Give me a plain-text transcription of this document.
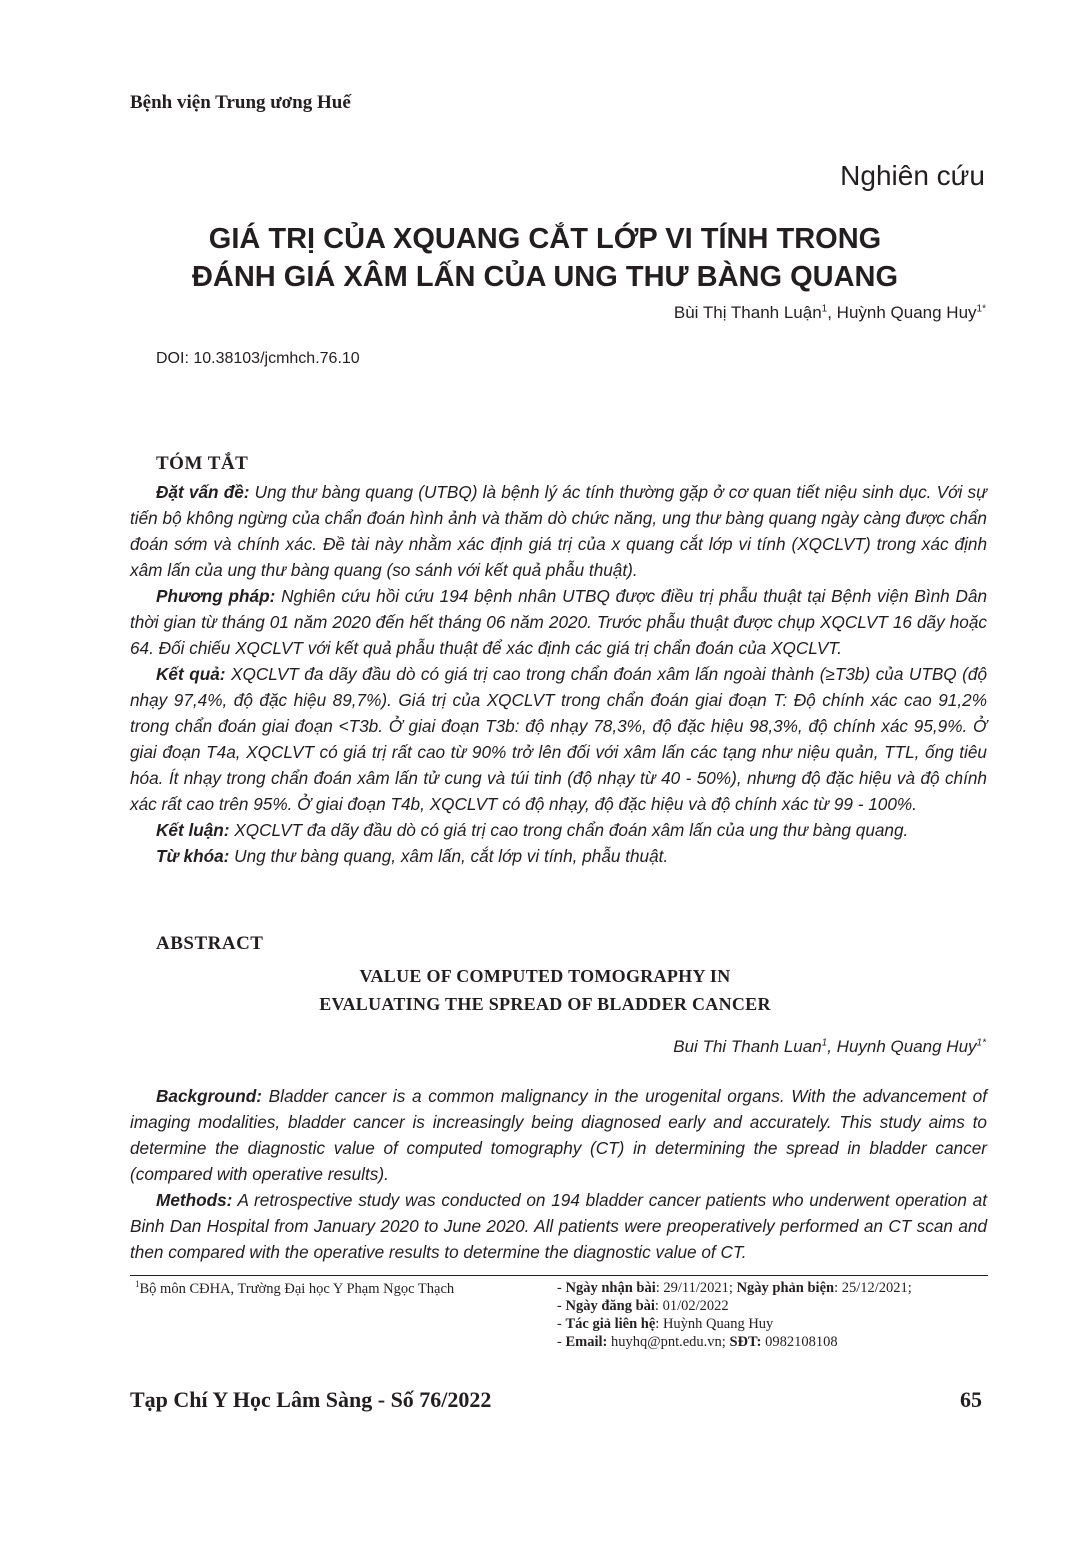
Bệnh viện Trung ương Huế
Nghiên cứu
GIÁ TRỊ CỦA XQUANG CẮT LỚP VI TÍNH TRONG
ĐÁNH GIÁ XÂM LẤN CỦA UNG THƯ BÀNG QUANG
Bùi Thị Thanh Luận$^1$, Huỳnh Quang Huy$^{1*}$
DOI: 10.38103/jcmhch.76.10
TÓM TẮT

Đặt vấn đề: Ung thư bàng quang (UTBQ) là bệnh lý ác tính thường gặp ở cơ quan tiết niệu sinh dục. Với sự tiến bộ không ngừng của chẩn đoán hình ảnh và thăm dò chức năng, ung thư bàng quang ngày càng được chẩn đoán sớm và chính xác. Đề tài này nhằm xác định giá trị của x quang cắt lớp vi tính (XQCLVT) trong xác định xâm lấn của ung thư bàng quang (so sánh với kết quả phẫu thuật).

Phương pháp: Nghiên cứu hồi cứu 194 bệnh nhân UTBQ được điều trị phẫu thuật tại Bệnh viện Bình Dân thời gian từ tháng 01 năm 2020 đến hết tháng 06 năm 2020. Trước phẫu thuật được chụp XQCLVT 16 dãy hoặc 64. Đối chiếu XQCLVT với kết quả phẫu thuật để xác định các giá trị chẩn đoán của XQCLVT.

Kết quả: XQCLVT đa dãy đầu dò có giá trị cao trong chẩn đoán xâm lấn ngoài thành (≥T3b) của UTBQ (độ nhạy 97,4%, độ đặc hiệu 89,7%). Giá trị của XQCLVT trong chẩn đoán giai đoạn T: Độ chính xác cao 91,2% trong chẩn đoán giai đoạn <T3b. Ở giai đoạn T3b: độ nhạy 78,3%, độ đặc hiệu 98,3%, độ chính xác 95,9%. Ở giai đoạn T4a, XQCLVT có giá trị rất cao từ 90% trở lên đối với xâm lấn các tạng như niệu quản, TTL, ống tiêu hóa. Ít nhạy trong chẩn đoán xâm lấn tử cung và túi tinh (độ nhạy từ 40 - 50%), nhưng độ đặc hiệu và độ chính xác rất cao trên 95%. Ở giai đoạn T4b, XQCLVT có độ nhạy, độ đặc hiệu và độ chính xác từ 99 - 100%.

Kết luận: XQCLVT đa dãy đầu dò có giá trị cao trong chẩn đoán xâm lấn của ung thư bàng quang.

Từ khóa: Ung thư bàng quang, xâm lấn, cắt lớp vi tính, phẫu thuật.

ABSTRACT
VALUE OF COMPUTED TOMOGRAPHY IN
EVALUATING THE SPREAD OF BLADDER CANCER
Bui Thi Thanh Luan$^1$, Huynh Quang Huy$^{1*}$

Background: Bladder cancer is a common malignancy in the urogenital organs. With the advancement of imaging modalities, bladder cancer is increasingly being diagnosed early and accurately. This study aims to determine the diagnostic value of computed tomography (CT) in determining the spread in bladder cancer (compared with operative results).

Methods: A retrospective study was conducted on 194 bladder cancer patients who underwent operation at Binh Dan Hospital from January 2020 to June 2020. All patients were preoperatively performed an CT scan and then compared with the operative results to determine the diagnostic value of CT.

$^1$Bộ môn CĐHA, Trường Đại học Y Phạm Ngọc Thạch	- Ngày nhận bài: 29/11/2021; Ngày phản biện: 25/12/2021;
- Ngày đăng bài: 01/02/2022
- Tác giả liên hệ: Huỳnh Quang Huy
- Email: huyhq@pnt.edu.vn; SĐT: 0982108108
Tạp Chí Y Học Lâm Sàng - Số 76/2022	65
